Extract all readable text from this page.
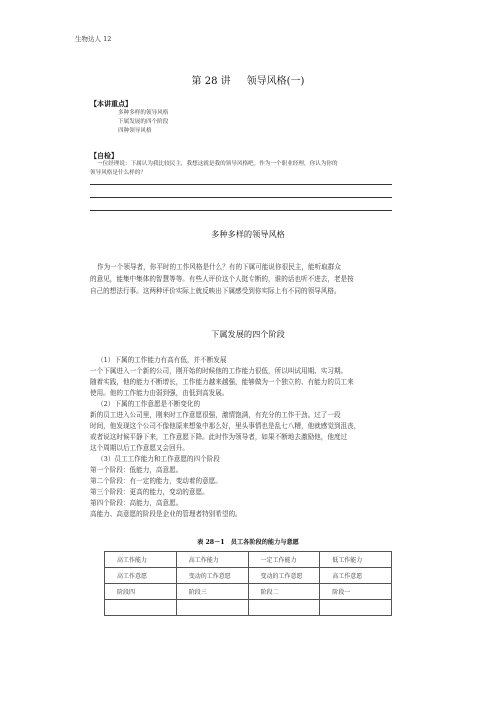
生物达人 12
第 28 讲 领导风格(一)
【本讲重点】
多种多样的领导风格
下属发展的四个阶段
四种领导风格
【自检】
一位经理说：下属认为我比较民主，我想这就是我的领导风格吧。作为一个职业经理，你认为你的
领导风格是什么样的？
多种多样的领导风格
作为一个领导者，你平时的工作风格是什么？有的下属可能说你很民主，能听取群众
的意见，能集中集体的智慧等等。有些人评价这个人挺专断的，谁的话也听不进去，老是按
自己的想法行事。这两种评价实际上就反映出下属感受到你实际上有不同的领导风格。
下属发展的四个阶段
（1）下属的工作能力有高有低，并不断发展
一个下属进入一个新的公司，刚开始的时候他的工作能力很低，所以叫试用期、实习期。
随着实践，他的能力不断增长，工作能力越来越强，能够做为一个独立的、有能力的员工来
使用。他的工作能力由弱到强，由低到高发展。
（2）下属的工作意愿是不断变化的
新的员工进入公司里，刚来时工作意愿很强，激情饱满，有充分的工作干劲。过了一段
时间，他发现这个公司不像他原来想象中那么好，里头事情也是乱七八糟，他就感觉到沮丧，
或者说这时候平静下来，工作意愿下降。此时作为领导者，如果不断地去激励他，他度过
这个周期以后工作意愿又会回升。
（3）员工工作能力和工作意愿的四个阶段
第一个阶段：低能力，高意愿。
第二个阶段：有一定的能力，变动着的意愿。
第三个阶段：更高的能力，变动的意愿。
第四个阶段：高能力，高意愿。
高能力、高意愿的阶段是企业的管理者特别希望的。
表 28－1　员工各阶段的能力与意愿
高工作能力	高工作能力	一定工作能力	低工作能力
高工作意愿	变动的工作意愿	变动的工作意愿	高工作意愿
阶段四	阶段三	阶段二	阶段一
